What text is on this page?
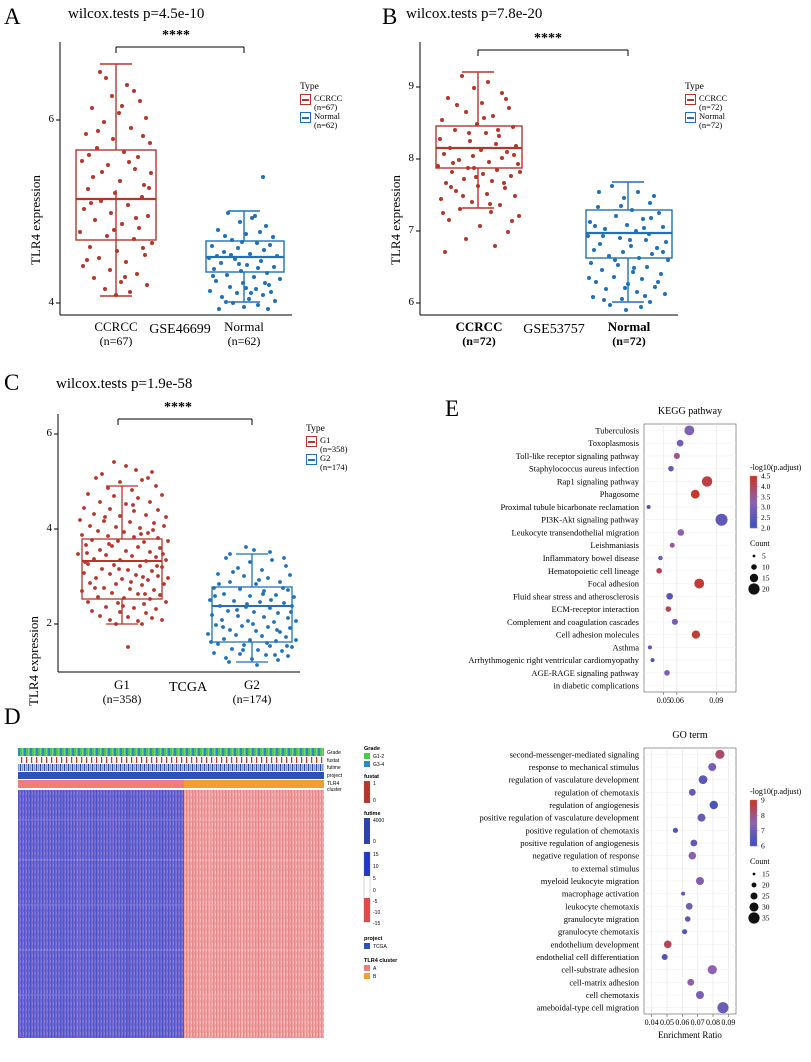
A	wilcox.tests p=4.5e-10
TLR4 expression
4
6
****
CCRCC
(n=67)
Normal
(n=62)
GSE46699
Type
CCRCC
(n=67)
Normal
(n=62)
B wilcox.tests p=7.8e-20
TLR4 expression
6
7
8
9
****
CCRCC
(n=72)
Normal
(n=72)
GSE53757
Type
CCRCC
(n=72)
Normal
(n=72)
C wilcox.tests p=1.9e-58
TLR4 expression 2
4
6
****
G1
(n=358)
G2
(n=174)
TCGA
Type
G1
(n=358)
G2
(n=174)
D
Grade
fustat
futime
project
TLR4
cluster
Grade
G1-2
G3-4
fustat
1
0
futime
4000
0
15
10
5
0
-5
-10
-15
project
TCGA
TLR4 cluster
A
B
E	KEGG pathway
0.05 0.06	0.09
Tuberculosis
Toxoplasmosis
Toll-like receptor signaling pathway
Staphylococcus aureus infection
Rap1 signaling pathway
Phagosome
Proximal tubule bicarbonate reclamation
PI3K-Akt signaling pathway
Leukocyte transendothelial migration
Leishmaniasis
Inflammatory bowel disease
Hematopoietic cell lineage
Focal adhesion
Fluid shear stress and atherosclerosis
ECM-receptor interaction
Complement and coagulation cascades
Cell adhesion molecules
Asthma
Arrhythmogenic right ventricular cardiomyopathy
AGE-RAGE signaling pathway
in diabetic complications
-log10(p.adjust)
4.5
4.0
3.5
3.0
2.5
2.0
Count
5
10
15
20
GO term
0.04 0.05 0.06 0.07 0.08 0.09
second-messenger-mediated signaling
response to mechanical stimulus
regulation of vasculature development
regulation of chemotaxis
regulation of angiogenesis
positive regulation of vasculature development
positive regulation of chemotaxis
positive regulation of angiogenesis
negative regulation of response
to external stimulus
myeloid leukocyte migration
macrophage activation
leukocyte chemotaxis
granulocyte migration
granulocyte chemotaxis
endothelium development
endothelial cell differentiation
cell-substrate adhesion
cell-matrix adhesion
cell chemotaxis
ameboidal-type cell migration
Enrichment Ratio
-log10(p.adjust)
9
8
7
6
Count
15
20
25
30
35
